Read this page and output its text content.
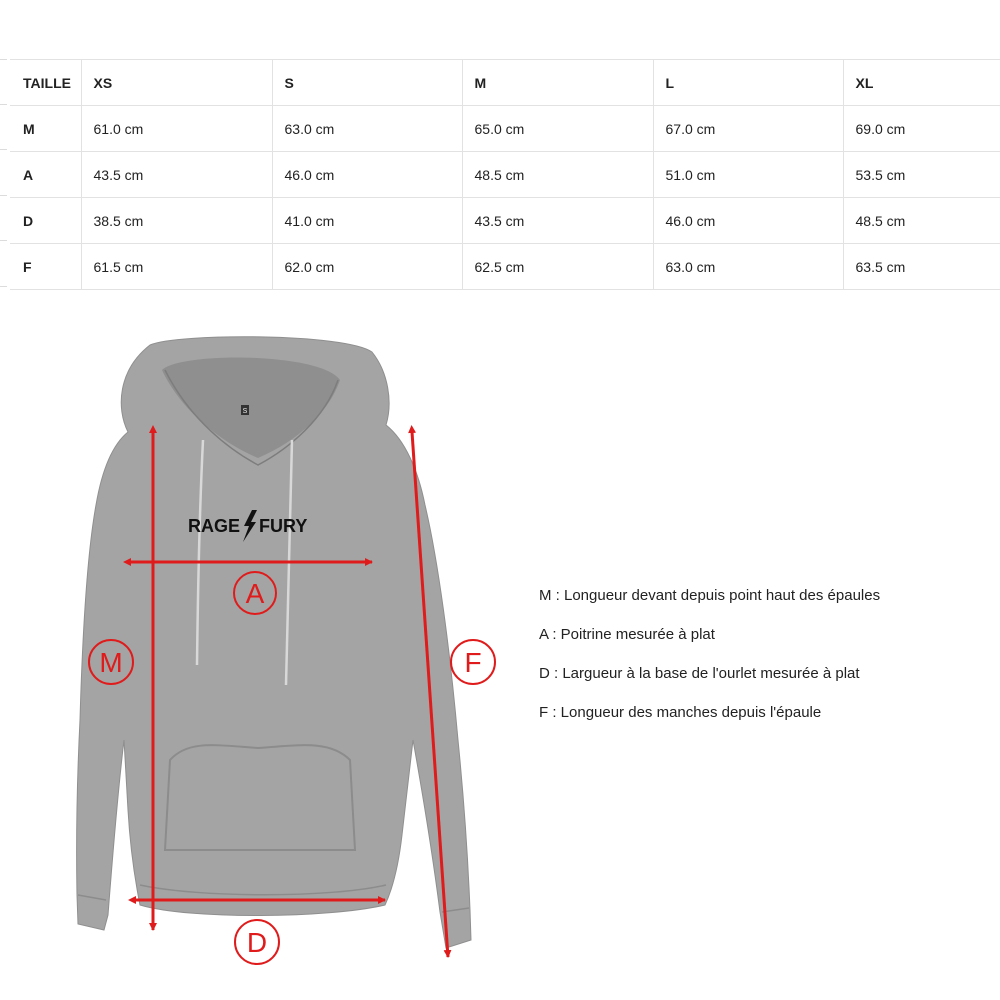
TAILLE	XS	S	M	L	XL
M	61.0 cm	63.0 cm	65.0 cm	67.0 cm	69.0 cm
A	43.5 cm	46.0 cm	48.5 cm	51.0 cm	53.5 cm
D	38.5 cm	41.0 cm	43.5 cm	46.0 cm	48.5 cm
F	61.5 cm	62.0 cm	62.5 cm	63.0 cm	63.5 cm
S
RAGE FURY
A
M	F
D
M : Longueur devant depuis point haut des épaules
A : Poitrine mesurée à plat
D : Largueur à la base de l'ourlet mesurée à plat
F : Longueur des manches depuis l'épaule
